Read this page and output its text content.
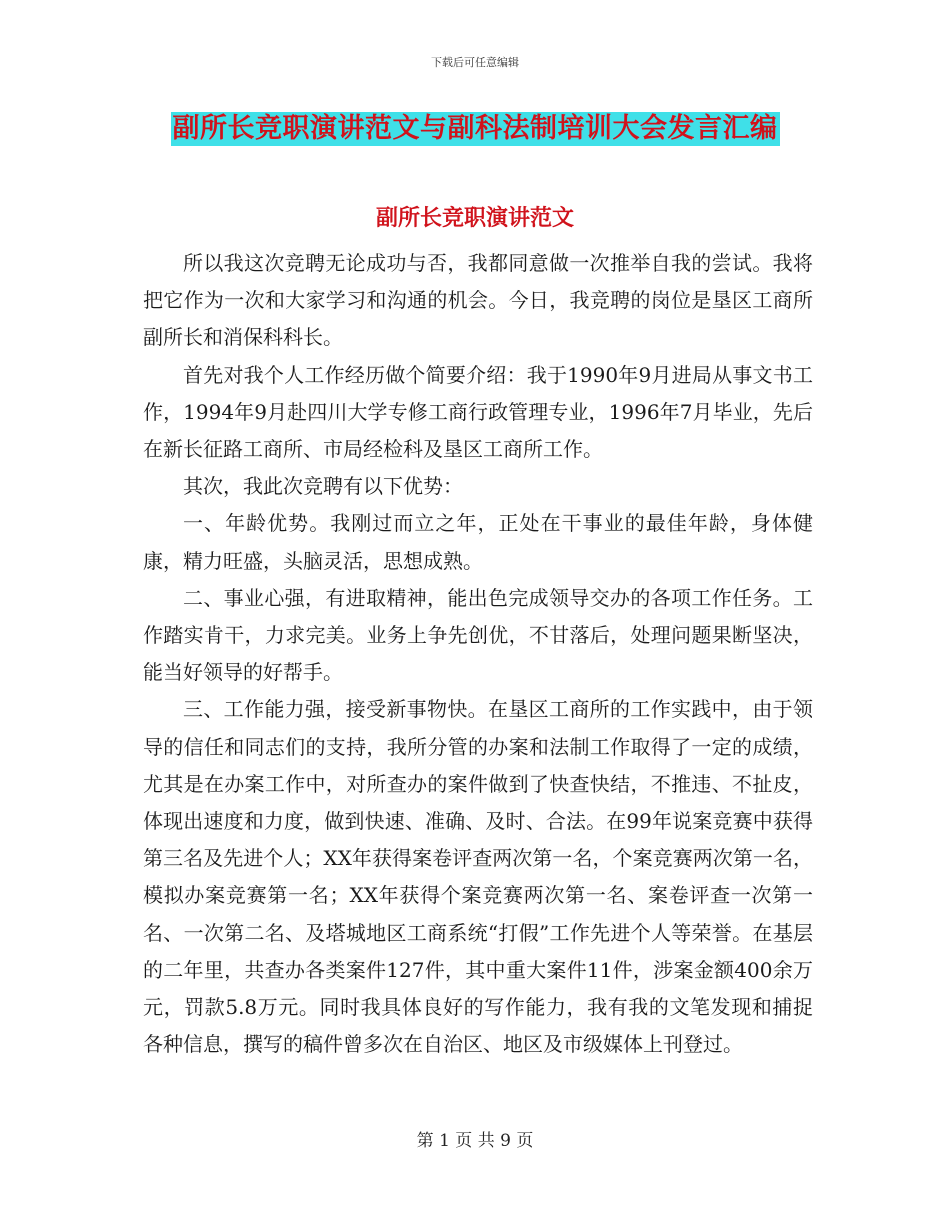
下载后可任意编辑
副所长竞职演讲范文与副科法制培训大会发言汇编
副所长竞职演讲范文

所以我这次竞聘无论成功与否，我都同意做一次推举自我的尝试。我将把它作为一次和大家学习和沟通的机会。今日，我竞聘的岗位是垦区工商所副所长和消保科科长。

首先对我个人工作经历做个简要介绍：我于1990年9月进局从事文书工作，1994年9月赴四川大学专修工商行政管理专业，1996年7月毕业，先后在新长征路工商所、市局经检科及垦区工商所工作。

其次，我此次竞聘有以下优势：

一、年龄优势。我刚过而立之年，正处在干事业的最佳年龄，身体健康，精力旺盛，头脑灵活，思想成熟。

二、事业心强，有进取精神，能出色完成领导交办的各项工作任务。工作踏实肯干，力求完美。业务上争先创优，不甘落后，处理问题果断坚决，能当好领导的好帮手。

三、工作能力强，接受新事物快。在垦区工商所的工作实践中，由于领导的信任和同志们的支持，我所分管的办案和法制工作取得了一定的成绩，尤其是在办案工作中，对所查办的案件做到了快查快结，不推违、不扯皮，体现出速度和力度，做到快速、准确、及时、合法。在99年说案竞赛中获得第三名及先进个人；XX年获得案卷评查两次第一名，个案竞赛两次第一名，模拟办案竞赛第一名；XX年获得个案竞赛两次第一名、案卷评查一次第一名、一次第二名、及塔城地区工商系统“打假”工作先进个人等荣誉。在基层的二年里，共查办各类案件127件，其中重大案件11件，涉案金额400余万元，罚款5.8万元。同时我具体良好的写作能力，我有我的文笔发现和捕捉各种信息，撰写的稿件曾多次在自治区、地区及市级媒体上刊登过。

第 1 页 共 9 页
